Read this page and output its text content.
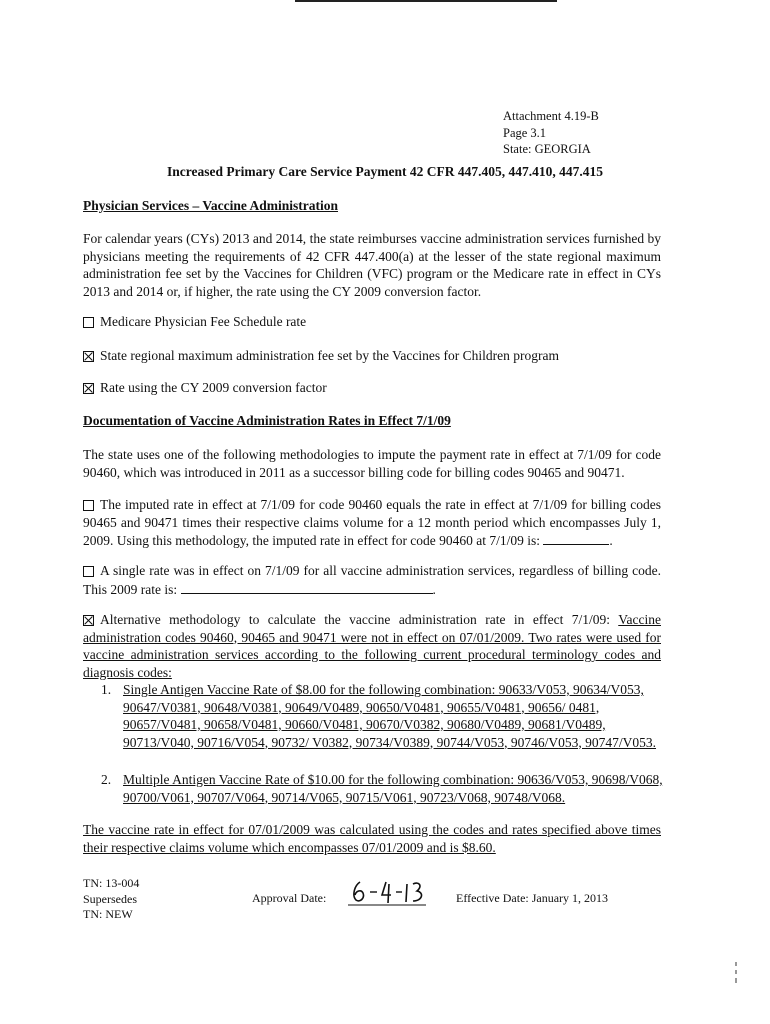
Attachment 4.19-B
Page 3.1
State: GEORGIA
Increased Primary Care Service Payment 42 CFR 447.405, 447.410, 447.415
Physician Services – Vaccine Administration
For calendar years (CYs) 2013 and 2014, the state reimburses vaccine administration services furnished by physicians meeting the requirements of 42 CFR 447.400(a) at the lesser of the state regional maximum administration fee set by the Vaccines for Children (VFC) program or the Medicare rate in effect in CYs 2013 and 2014 or, if higher, the rate using the CY 2009 conversion factor.
Medicare Physician Fee Schedule rate
State regional maximum administration fee set by the Vaccines for Children program
Rate using the CY 2009 conversion factor
Documentation of Vaccine Administration Rates in Effect 7/1/09
The state uses one of the following methodologies to impute the payment rate in effect at 7/1/09 for code 90460, which was introduced in 2011 as a successor billing code for billing codes 90465 and 90471.
The imputed rate in effect at 7/1/09 for code 90460 equals the rate in effect at 7/1/09 for billing codes 90465 and 90471 times their respective claims volume for a 12 month period which encompasses July 1, 2009. Using this methodology, the imputed rate in effect for code 90460 at 7/1/09 is:	.
A single rate was in effect on 7/1/09 for all vaccine administration services, regardless of billing code. This 2009 rate is:	.
Alternative methodology to calculate the vaccine administration rate in effect 7/1/09: Vaccine administration codes 90460, 90465 and 90471 were not in effect on 07/01/2009. Two rates were used for vaccine administration services according to the following current procedural terminology codes and diagnosis codes:
1. Single Antigen Vaccine Rate of $8.00 for the following combination: 90633/V053, 90634/V053, 90647/V0381, 90648/V0381, 90649/V0489, 90650/V0481, 90655/V0481, 90656/ 0481, 90657/V0481, 90658/V0481, 90660/V0481, 90670/V0382, 90680/V0489, 90681/V0489, 90713/V040, 90716/V054, 90732/ V0382, 90734/V0389, 90744/V053, 90746/V053, 90747/V053.
2. Multiple Antigen Vaccine Rate of $10.00 for the following combination: 90636/V053, 90698/V068, 90700/V061, 90707/V064, 90714/V065, 90715/V061, 90723/V068, 90748/V068.
The vaccine rate in effect for 07/01/2009 was calculated using the codes and rates specified above times their respective claims volume which encompasses 07/01/2009 and is $8.60.
TN: 13-004
Supersedes
TN: NEW
Approval Date:	Effective Date: January 1, 2013
